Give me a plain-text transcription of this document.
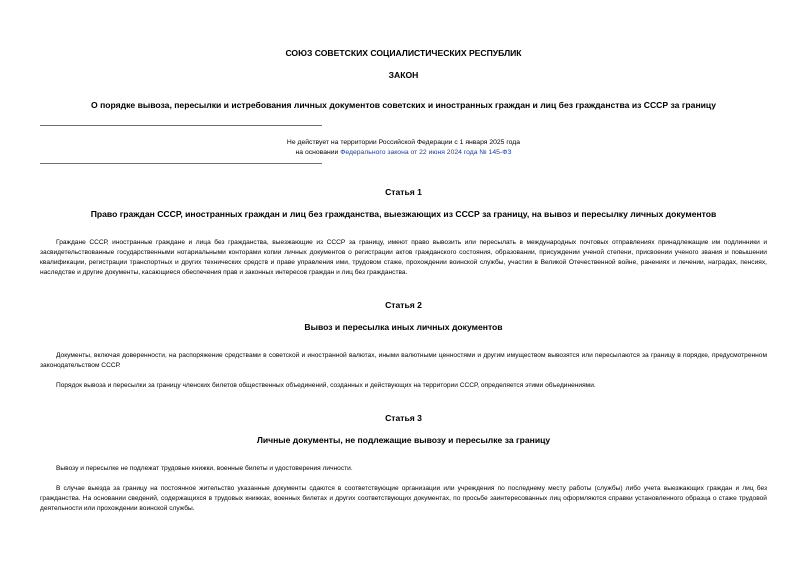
СОЮЗ СОВЕТСКИХ СОЦИАЛИСТИЧЕСКИХ РЕСПУБЛИК
ЗАКОН
О порядке вывоза, пересылки и истребования личных документов советских и иностранных граждан и лиц без гражданства из СССР за границу
Не действует на территории Российской Федерации с 1 января 2025 года
на основании Федерального закона от 22 июня 2024 года № 145-ФЗ
Статья 1
Право граждан СССР, иностранных граждан и лиц без гражданства, выезжающих из СССР за границу, на вывоз и пересылку личных документов
Граждане СССР, иностранные граждане и лица без гражданства, выезжающие из СССР за границу, имеют право вывозить или пересылать в международных почтовых отправлениях принадлежащие им подлинники и засвидетельствованные государственными нотариальными конторами копии личных документов о регистрации актов гражданского состояния, образовании, присуждении ученой степени, присвоении ученого звания и повышении квалификации, регистрации транспортных и других технических средств и праве управления ими, трудовом стаже, прохождении воинской службы, участии в Великой Отечественной войне, ранениях и лечении, наградах, пенсиях, наследстве и другие документы, касающиеся обеспечения прав и законных интересов граждан и лиц без гражданства.
Статья 2
Вывоз и пересылка иных личных документов
Документы, включая доверенности, на распоряжение средствами в советской и иностранной валютах, иными валютными ценностями и другим имуществом вывозятся или пересылаются за границу в порядке, предусмотренном законодательством СССР.
Порядок вывоза и пересылки за границу членских билетов общественных объединений, созданных и действующих на территории СССР, определяется этими объединениями.
Статья 3
Личные документы, не подлежащие вывозу и пересылке за границу
Вывозу и пересылке не подлежат трудовые книжки, военные билеты и удостоверения личности.
В случае выезда за границу на постоянное жительство указанные документы сдаются в соответствующие организации или учреждения по последнему месту работы (службы) либо учета выезжающих граждан и лиц без гражданства. На основании сведений, содержащихся в трудовых книжках, военных билетах и других соответствующих документах, по просьбе заинтересованных лиц оформляются справки установленного образца о стаже трудовой деятельности или прохождении воинской службы.
